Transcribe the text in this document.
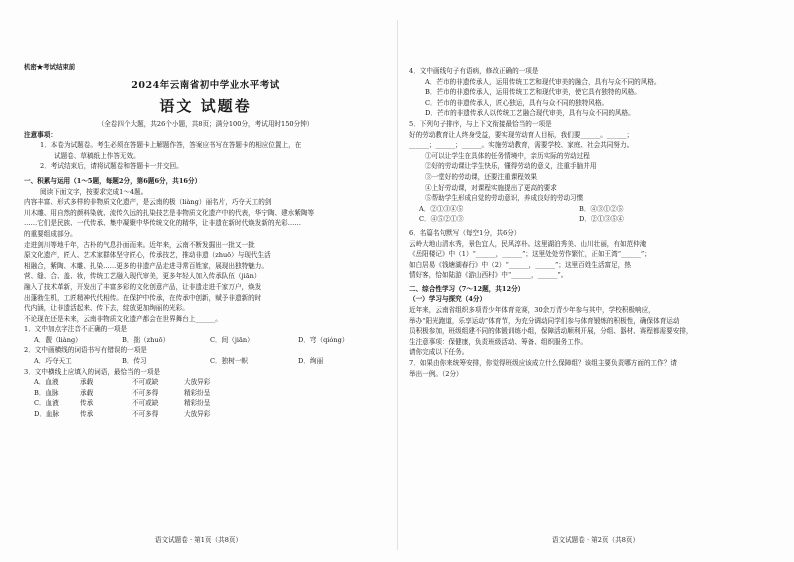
机密★考试结束前

2024年云南省初中学业水平考试

语文 试题卷

（全卷四个大题，共26个小题，共8页；满分100分，考试用时150分钟）

注意事项：

1．本卷为试题卷。考生必须在答题卡上解题作答，答案应书写在答题卡的相应位置上，在

试题卷、草稿纸上作答无效。

2．考试结束后，请将试题卷和答题卡一并交回。

一、积累与运用（1～5题，每题2分，第6题6分，共16分）

阅读下面文字，按要求完成1～4题。

内容丰富、形式多样的非物质文化遗产，是云南的极（liàng）丽名片，巧夺天工的剑

川木雕、用自然的颜料染就、流传久远的扎染技艺是非物质文化遗产中的代表，华宁陶、建水紫陶等

……它们是民族、一代传承、集中凝聚中华传统文化的精华，让非遗在新时代焕发新的光彩……

的重要组成部分。

走进剑川等地千年，古朴的气息扑面而来。近年来，云南不断发掘出一批又一批

原文化遗产，匠人、艺术家群体坚守匠心，传承技艺，推动非遗（zhuō）与现代生活

相融合，紫陶、木雕、扎染……更多的非遗产品走进寻常百姓家，展现出独特魅力。

营、缝、合、盖、妆，传统工艺融入现代审美，更多年轻人加入传承队伍（jiān）

融入了技术革新，开发出了丰富多彩的文化创意产品，让非遗走进千家万户，焕发

出蓬勃生机，工匠精神代代相传。在保护中传承，在传承中创新，赋予非遗新的时

代内涵，让非遗活起来、传下去，绽放更加绚丽的光彩。

不论现在还是未来，云南非物质文化遗产都会在世界舞台上______。

1．文中加点字注音不正确的一项是

A．靓（liàng）	B．拙（zhuō）	C．间（jiān）	D．穹（qióng）

2．文中画横线的词语书写有错误的一项是

A．巧夺天工	B．传习	C．独树一帜	D．绚丽

3．文中横线上应填入的词语，最恰当的一项是

A．血液	承载	不可或缺	大放异彩
B．血脉	承载	不可多得	精彩纷呈
C．血液	传承	不可或缺	精彩纷呈
D．血脉	传承	不可多得	大放异彩
语文试题卷 · 第1页（共8页）

4．文中画线句子有语病，修改正确的一项是

A．芒市的非遗传承人，运用传统工艺和现代审美的融合，具有与众不同的风格。

B．芒市的非遗传承人，运用传统工艺和现代审美，使它具有独特的风格。

C．芒市的非遗传承人，匠心独运，具有与众不同的独特风格。

D．芒市的非遗传承人以传统工艺融合现代审美，具有与众不同的风格。

5．下列句子排序，与上下文衔接最恰当的一项是

好的劳动教育让人终身受益，要实现劳动育人目标，我们要______。______；

______；______；______。实施劳动教育，需要学校、家庭、社会共同努力。

①可以让学生在具体的任务情境中，亲历实际的劳动过程

②好的劳动课让学生快乐，懂得劳动的意义，注重手脑并用

③一堂好的劳动课，还要注重课程效果

④上好劳动课，对课程实施提出了更高的要求

⑤帮助学生形成自觉的劳动意识，养成良好的劳动习惯

A．②①③④⑤	B．④③①②⑤
C．④⑤②①③	D．②①③⑤④

6．名篇名句默写（每空1分，共6分）

云岭大地山清水秀，景色宜人，民风淳朴。这里湖泊秀美、山川壮丽，有如范仲淹

《岳阳楼记》中（1）“______，______”；这里处处劳作繁忙，正如王湾“______”；

如白居易《钱塘湖春行》中（2）“______，______”；这里百姓生活富足，热

情好客，恰如陆游《游山西村》中“______，______”。

二、综合性学习（7～12题，共12分）

（一）学习与探究（4分）

近年来，云南省组织多项青少年体育竞赛，30余万青少年参与其中，学校积极响应，

举办“阳光跑道，乐享运动”体育节，为充分调动同学们参与体育锻炼的积极性，确保体育运动

员积极参加，班级组建不同的体锻训练小组，保障活动顺利开展，分组、器材、赛程都需要安排，

生注意事项：保健康，负责班级活动、筹备、组织服务工作。

请你完成以下任务。

7．如果由你来统筹安排，你觉得班级应该成立什么保障组？该组主要负责哪方面的工作？请

举出一例。（2分）

语文试题卷 · 第2页（共8页）
